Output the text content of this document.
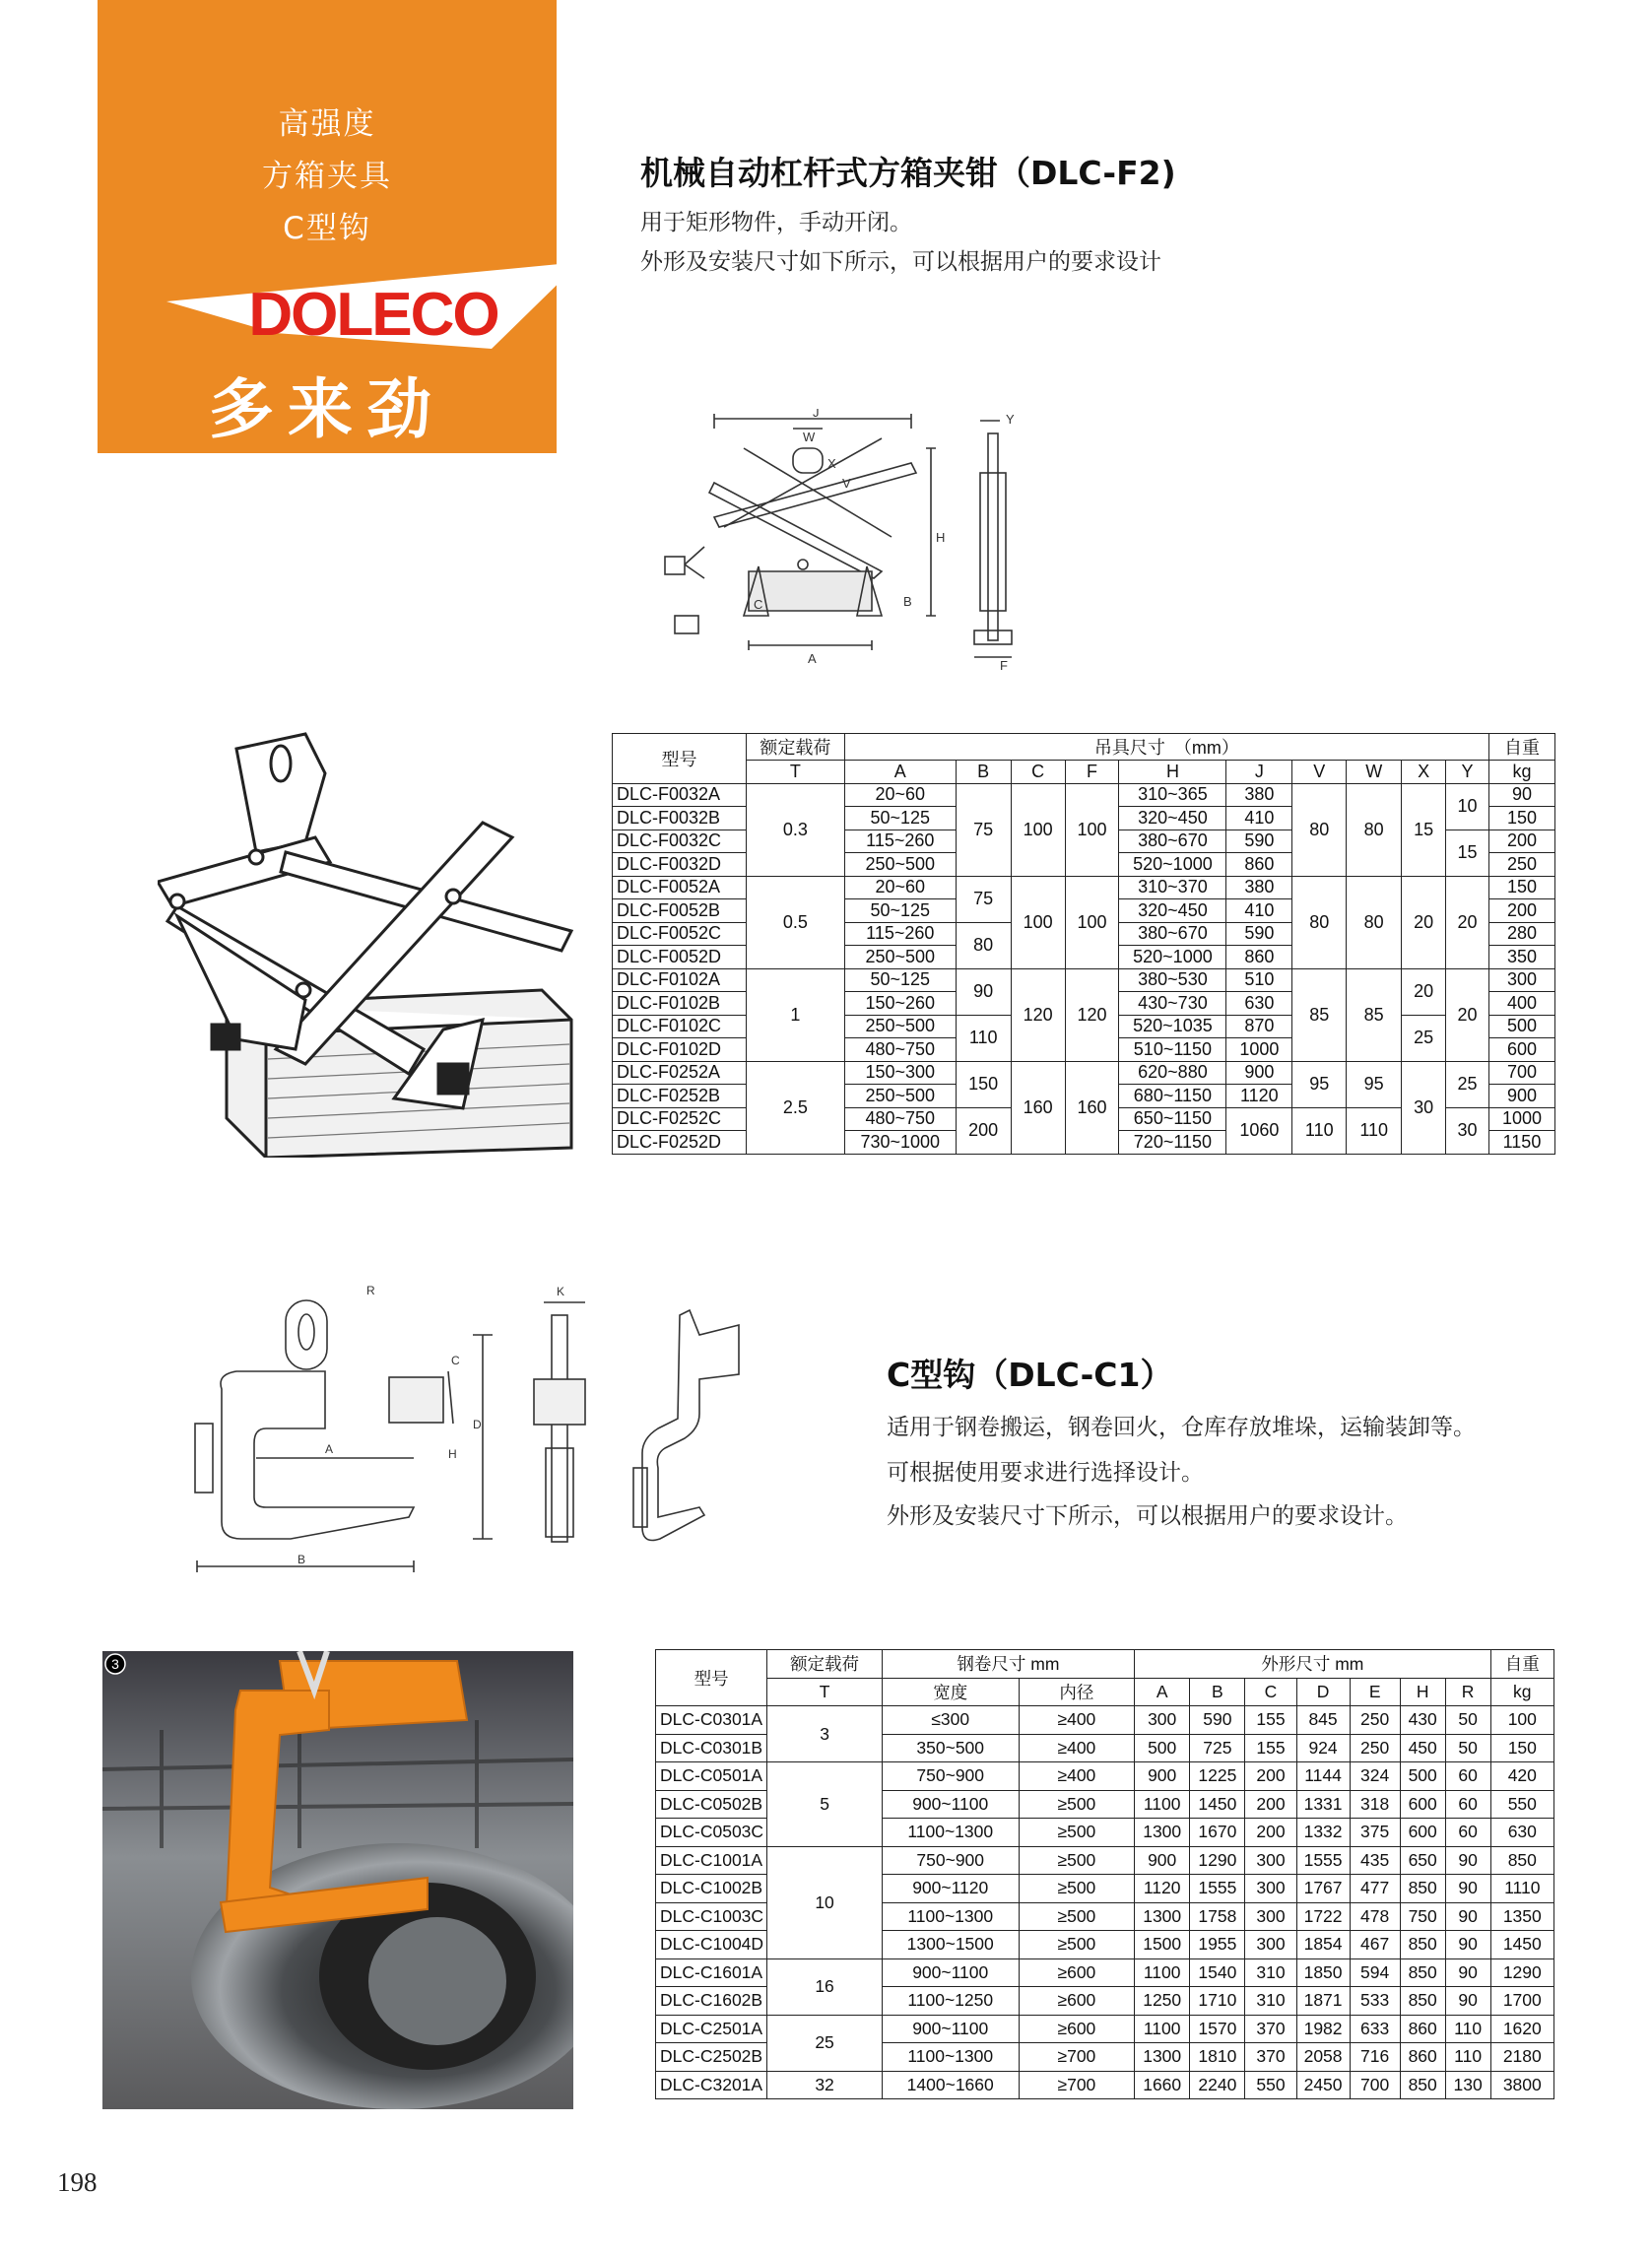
高强度
方箱夹具
C型钩
DOLECO
多来劲
机械自动杠杆式方箱夹钳（DLC-F2)
用于矩形物件，手动开闭。
外形及安装尺寸如下所示，可以根据用户的要求设计
J
W
X
V
H
B
C
A
Y
F
型号	额定载荷	吊具尺寸　（mm）										自重
	T	A	B	C	F	H	J	V	W	X	Y	kg
DLC-F0032A	0.3	20~60	75	100	100	310~365	380	80	80	15	10	90
DLC-F0032B		50~125				320~450	410					150
DLC-F0032C		115~260				380~670	590				15	200
DLC-F0032D		250~500				520~1000	860					250
DLC-F0052A	0.5	20~60	75	100	100	310~370	380	80	80	20	20	150
DLC-F0052B		50~125				320~450	410					200
DLC-F0052C		115~260	80			380~670	590					280
DLC-F0052D		250~500				520~1000	860					350
DLC-F0102A	1	50~125	90	120	120	380~530	510	85	85	20	20	300
DLC-F0102B		150~260				430~730	630					400
DLC-F0102C		250~500	110			520~1035	870			25		500
DLC-F0102D		480~750				510~1150	1000					600
DLC-F0252A	2.5	150~300	150	160	160	620~880	900	95	95	30	25	700
DLC-F0252B		250~500				680~1150	1120					900
DLC-F0252C		480~750	200			650~1150	1060	110	110		30	1000
DLC-F0252D		730~1000				720~1150						1150
R	K
C
D
H
A
B
C型钩（DLC-C1）
适用于钢卷搬运，钢卷回火，仓库存放堆垛，运输装卸等。
可根据使用要求进行选择设计。
外形及安装尺寸下所示，可以根据用户的要求设计。
3
型号	额定载荷	钢卷尺寸 mm		外形尺寸 mm							自重
	T	宽度	内径	A	B	C	D	E	H	R	kg
DLC-C0301A	3	≤300	≥400	300	590	155	845	250	430	50	100
DLC-C0301B		350~500	≥400	500	725	155	924	250	450	50	150
DLC-C0501A	5	750~900	≥400	900	1225	200	1144	324	500	60	420
DLC-C0502B		900~1100	≥500	1100	1450	200	1331	318	600	60	550
DLC-C0503C		1100~1300	≥500	1300	1670	200	1332	375	600	60	630
DLC-C1001A	10	750~900	≥500	900	1290	300	1555	435	650	90	850
DLC-C1002B		900~1120	≥500	1120	1555	300	1767	477	850	90	1110
DLC-C1003C		1100~1300	≥500	1300	1758	300	1722	478	750	90	1350
DLC-C1004D		1300~1500	≥500	1500	1955	300	1854	467	850	90	1450
DLC-C1601A	16	900~1100	≥600	1100	1540	310	1850	594	850	90	1290
DLC-C1602B		1100~1250	≥600	1250	1710	310	1871	533	850	90	1700
DLC-C2501A	25	900~1100	≥600	1100	1570	370	1982	633	860	110	1620
DLC-C2502B		1100~1300	≥700	1300	1810	370	2058	716	860	110	2180
DLC-C3201A	32	1400~1660	≥700	1660	2240	550	2450	700	850	130	3800
198
